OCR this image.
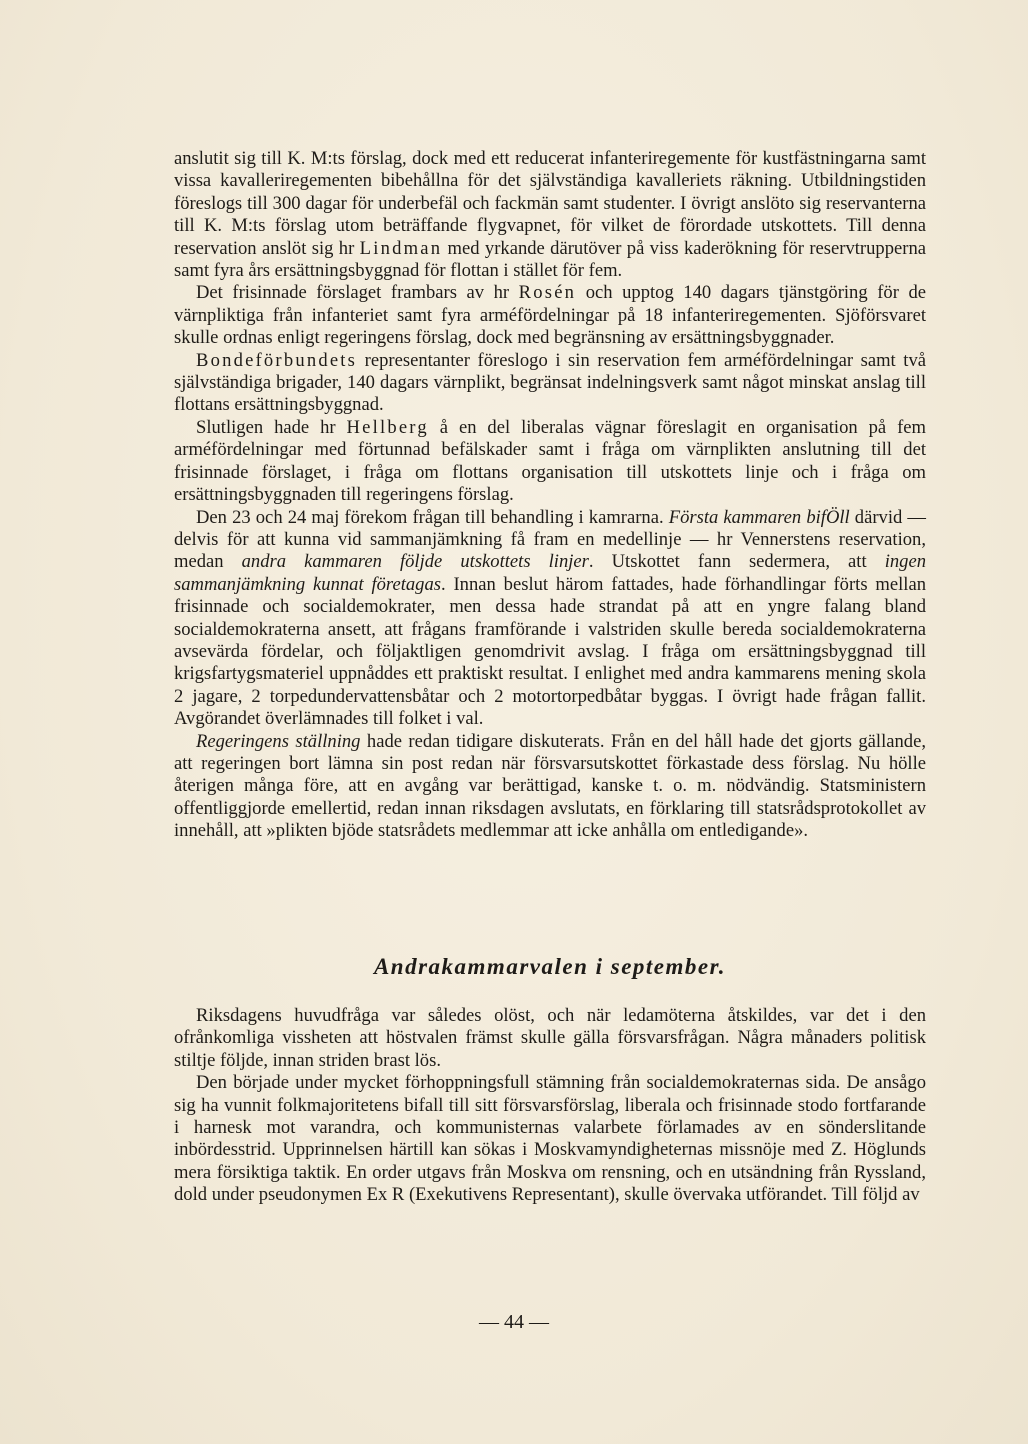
anslutit sig till K. M:ts förslag, dock med ett reducerat infanteriregemente för kustfästningarna samt vissa kavalleriregementen bibehållna för det självständiga kavalleriets räkning. Utbildningstiden föreslogs till 300 dagar för underbefäl och fackmän samt studenter. I övrigt anslöto sig reservanterna till K. M:ts förslag utom beträffande flygvapnet, för vilket de förordade utskottets. Till denna reservation anslöt sig hr Lindman med yrkande därutöver på viss kaderökning för reservtrupperna samt fyra års ersättningsbyggnad för flottan i stället för fem.

Det frisinnade förslaget frambars av hr Rosén och upptog 140 dagars tjänstgöring för de värnpliktiga från infanteriet samt fyra arméfördelningar på 18 infanteriregementen. Sjöförsvaret skulle ordnas enligt regeringens förslag, dock med begränsning av ersättningsbyggnader.

Bondeförbundets representanter föreslogo i sin reservation fem arméfördelningar samt två självständiga brigader, 140 dagars värnplikt, begränsat indelningsverk samt något minskat anslag till flottans ersättningsbyggnad.

Slutligen hade hr Hellberg å en del liberalas vägnar föreslagit en organisation på fem arméfördelningar med förtunnad befälskader samt i fråga om värnplikten anslutning till det frisinnade förslaget, i fråga om flottans organisation till utskottets linje och i fråga om ersättningsbyggnaden till regeringens förslag.

Den 23 och 24 maj förekom frågan till behandling i kamrarna. Första kammaren bifÖll därvid — delvis för att kunna vid sammanjämkning få fram en medellinje — hr Vennerstens reservation, medan andra kammaren följde utskottets linjer. Utskottet fann sedermera, att ingen sammanjämkning kunnat företagas. Innan beslut härom fattades, hade förhandlingar förts mellan frisinnade och socialdemokrater, men dessa hade strandat på att en yngre falang bland socialdemokraterna ansett, att frågans framförande i valstriden skulle bereda socialdemokraterna avsevärda fördelar, och följaktligen genomdrivit avslag. I fråga om ersättningsbyggnad till krigsfartygsmateriel uppnåddes ett praktiskt resultat. I enlighet med andra kammarens mening skola 2 jagare, 2 torpedundervattensbåtar och 2 motortorpedbåtar byggas. I övrigt hade frågan fallit. Avgörandet överlämnades till folket i val.

Regeringens ställning hade redan tidigare diskuterats. Från en del håll hade det gjorts gällande, att regeringen bort lämna sin post redan när försvarsutskottet förkastade dess förslag. Nu hölle återigen många före, att en avgång var berättigad, kanske t. o. m. nödvändig. Statsministern offentliggjorde emellertid, redan innan riksdagen avslutats, en förklaring till statsrådsprotokollet av innehåll, att »plikten bjöde statsrådets medlemmar att icke anhålla om entledigande».

Andrakammarvalen i september.

Riksdagens huvudfråga var således olöst, och när ledamöterna åtskildes, var det i den ofrånkomliga vissheten att höstvalen främst skulle gälla försvarsfrågan. Några månaders politisk stiltje följde, innan striden brast lös.

Den började under mycket förhoppningsfull stämning från socialdemokraternas sida. De ansågo sig ha vunnit folkmajoritetens bifall till sitt försvarsförslag, liberala och frisinnade stodo fortfarande i harnesk mot varandra, och kommunisternas valarbete förlamades av en sönderslitande inbördesstrid. Upprinnelsen härtill kan sökas i Moskvamyndigheternas missnöje med Z. Höglunds mera försiktiga taktik. En order utgavs från Moskva om rensning, och en utsändning från Ryssland, dold under pseudonymen Ex R (Exekutivens Representant), skulle övervaka utförandet. Till följd av

— 44 —
